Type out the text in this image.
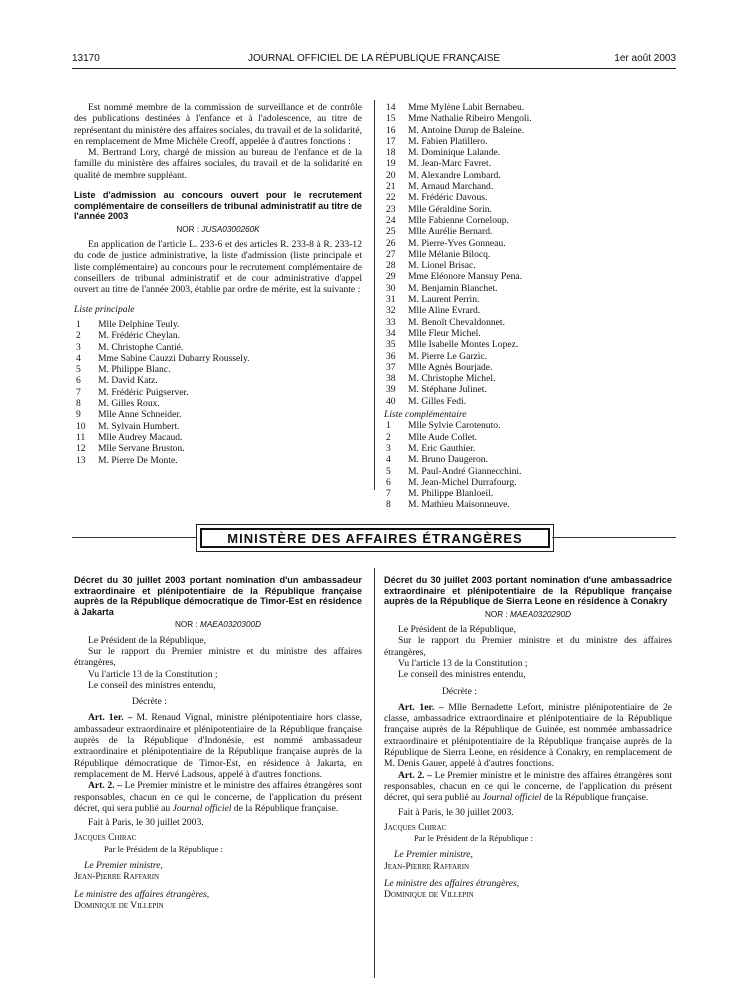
13170	JOURNAL OFFICIEL DE LA RÉPUBLIQUE FRANÇAISE	1er août 2003

Est nommé membre de la commission de surveillance et de contrôle des publications destinées à l'enfance et à l'adolescence, au titre de représentant du ministère des affaires sociales, du travail et de la solidarité, en remplacement de Mme Michèle Creoff, appelée à d'autres fonctions :

M. Bertrand Lory, chargé de mission au bureau de l'enfance et de la famille du ministère des affaires sociales, du travail et de la solidarité en qualité de membre suppléant.

Liste d'admission au concours ouvert pour le recrutement complémentaire de conseillers de tribunal administratif au titre de l'année 2003

NOR : JUSA0300260K

En application de l'article L. 233-6 et des articles R. 233-8 à R. 233-12 du code de justice administrative, la liste d'admission (liste principale et liste complémentaire) au concours pour le recrutement complémentaire de conseillers de tribunal administratif et de cour administrative d'appel ouvert au titre de l'année 2003, établie par ordre de mérite, est la suivante :

Liste principale

1	Mlle Delphine Teuly.
2	M. Frédéric Cheylan.
3	M. Christophe Cantié.
4	Mme Sabine Cauzzi Dubarry Roussely.
5	M. Philippe Blanc.
6	M. David Katz.
7	M. Frédéric Puigserver.
8	M. Gilles Roux.
9	Mlle Anne Schneider.
10	M. Sylvain Humbert.
11	Mlle Audrey Macaud.
12	Mlle Servane Bruston.
13	M. Pierre De Monte.
14	Mme Mylène Labit Bernabeu.
15	Mme Nathalie Ribeiro Mengoli.
16	M. Antoine Durup de Baleine.
17	M. Fabien Platillero.
18	M. Dominique Lalande.
19	M. Jean-Marc Favret.
20	M. Alexandre Lombard.
21	M. Arnaud Marchand.
22	M. Frédéric Davous.
23	Mlle Géraldine Sorin.
24	Mlle Fabienne Corneloup.
25	Mlle Aurélie Bernard.
26	M. Pierre-Yves Gonneau.
27	Mlle Mélanie Bilocq.
28	M. Lionel Brisac.
29	Mme Eléonore Mansuy Pena.
30	M. Benjamin Blanchet.
31	M. Laurent Perrin.
32	Mlle Aline Evrard.
33	M. Benoît Chevaldonnet.
34	Mlle Fleur Michel.
35	Mlle Isabelle Montes Lopez.
36	M. Pierre Le Garzic.
37	Mlle Agnès Bourjade.
38	M. Christophe Michel.
39	M. Stéphane Julinet.
40	M. Gilles Fedi.

Liste complémentaire

1	Mlle Sylvie Carotenuto.
2	Mlle Aude Collet.
3	M. Eric Gauthier.
4	M. Bruno Daugeron.
5	M. Paul-André Giannecchini.
6	M. Jean-Michel Durrafourg.
7	M. Philippe Blanloeil.
8	M. Mathieu Maisonneuve.
MINISTÈRE DES AFFAIRES ÉTRANGÈRES

Décret du 30 juillet 2003 portant nomination d'un ambassadeur extraordinaire et plénipotentiaire de la République française auprès de la République démocratique de Timor-Est en résidence à Jakarta

NOR : MAEA0320300D

Le Président de la République,

Sur le rapport du Premier ministre et du ministre des affaires étrangères,

Vu l'article 13 de la Constitution ;

Le conseil des ministres entendu,

Décrète :

Art. 1er. – M. Renaud Vignal, ministre plénipotentiaire hors classe, ambassadeur extraordinaire et plénipotentiaire de la République française auprès de la République d'Indonésie, est nommé ambassadeur extraordinaire et plénipotentiaire de la République française auprès de la République démocratique de Timor-Est, en résidence à Jakarta, en remplacement de M. Hervé Ladsous, appelé à d'autres fonctions.

Art. 2. – Le Premier ministre et le ministre des affaires étrangères sont responsables, chacun en ce qui le concerne, de l'application du présent décret, qui sera publié au Journal officiel de la République française.

Fait à Paris, le 30 juillet 2003.

Jacques Chirac

Par le Président de la République :

Le Premier ministre,

Jean-Pierre Raffarin

Le ministre des affaires étrangères,

Dominique de Villepin

Décret du 30 juillet 2003 portant nomination d'une ambassadrice extraordinaire et plénipotentiaire de la République française auprès de la République de Sierra Leone en résidence à Conakry

NOR : MAEA0320290D

Le Président de la République,

Sur le rapport du Premier ministre et du ministre des affaires étrangères,

Vu l'article 13 de la Constitution ;

Le conseil des ministres entendu,

Décrète :

Art. 1er. – Mlle Bernadette Lefort, ministre plénipotentiaire de 2e classe, ambassadrice extraordinaire et plénipotentiaire de la République française auprès de la République de Guinée, est nommée ambassadrice extraordinaire et plénipotentiaire de la République française auprès de la République de Sierra Leone, en résidence à Conakry, en remplacement de M. Denis Gauer, appelé à d'autres fonctions.

Art. 2. – Le Premier ministre et le ministre des affaires étrangères sont responsables, chacun en ce qui le concerne, de l'application du présent décret, qui sera publié au Journal officiel de la République française.

Fait à Paris, le 30 juillet 2003.

Jacques Chirac

Par le Président de la République :

Le Premier ministre,

Jean-Pierre Raffarin

Le ministre des affaires étrangères,

Dominique de Villepin
